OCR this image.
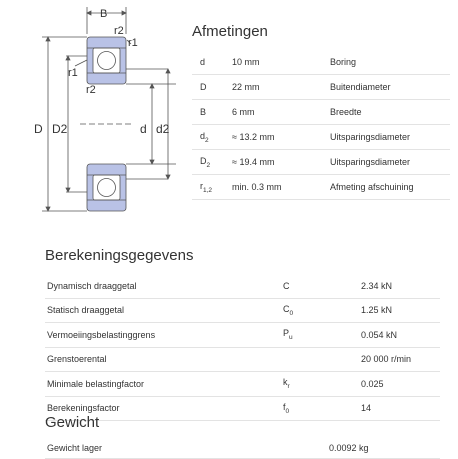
B
r2
r1
r1
r2
D D2	d d2
Afmetingen
d	10 mm	Boring
D	22 mm	Buitendiameter
B	6 mm	Breedte
$d_2$	≈ 13.2 mm	Uitsparingsdiameter
$D_2$	≈ 19.4 mm	Uitsparingsdiameter
$r_{1,2}$	min. 0.3 mm	Afmeting afschuining
Berekeningsgegevens
Dynamisch draaggetal	C	2.34 kN
Statisch draaggetal	$C_0$	1.25 kN
Vermoeiingsbelastinggrens	$P_u$	0.054 kN
Grenstoerental		20 000 r/min
Minimale belastingfactor	$k_r$	0.025
Berekeningsfactor	$f_0$	14
Gewicht
Gewicht lager	0.0092 kg
